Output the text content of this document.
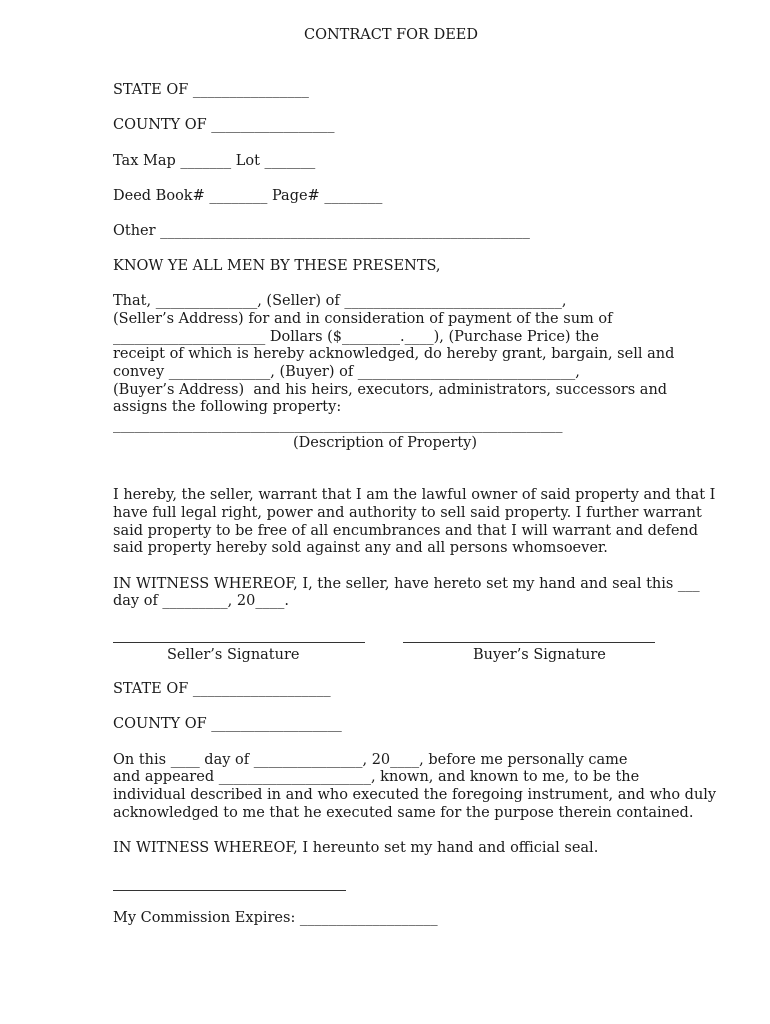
CONTRACT FOR DEED
STATE OF ________________
COUNTY OF _________________
Tax Map _______ Lot _______
Deed Book# ________ Page# ________
Other ___________________________________________________
KNOW YE ALL MEN BY THESE PRESENTS,
That, ______________, (Seller) of ______________________________,
(Seller’s Address) for and in consideration of payment of the sum of
_____________________ Dollars ($________.____), (Purchase Price) the
receipt of which is hereby acknowledged, do hereby grant, bargain, sell and
convey ______________, (Buyer) of ______________________________,
(Buyer’s Address)  and his heirs, executors, administrators, successors and
assigns the following property:
______________________________________________________________
(Description of Property)
I hereby, the seller, warrant that I am the lawful owner of said property and that I
have full legal right, power and authority to sell said property. I further warrant
said property to be free of all encumbrances and that I will warrant and defend
said property hereby sold against any and all persons whomsoever.
IN WITNESS WHEREOF, I, the seller, have hereto set my hand and seal this ___
day of _________, 20____.
Seller’s Signature	Buyer’s Signature
STATE OF ___________________
COUNTY OF __________________
On this ____ day of _______________, 20____, before me personally came
and appeared _____________________, known, and known to me, to be the
individual described in and who executed the foregoing instrument, and who duly
acknowledged to me that he executed same for the purpose therein contained.
IN WITNESS WHEREOF, I hereunto set my hand and official seal.
My Commission Expires: ___________________
